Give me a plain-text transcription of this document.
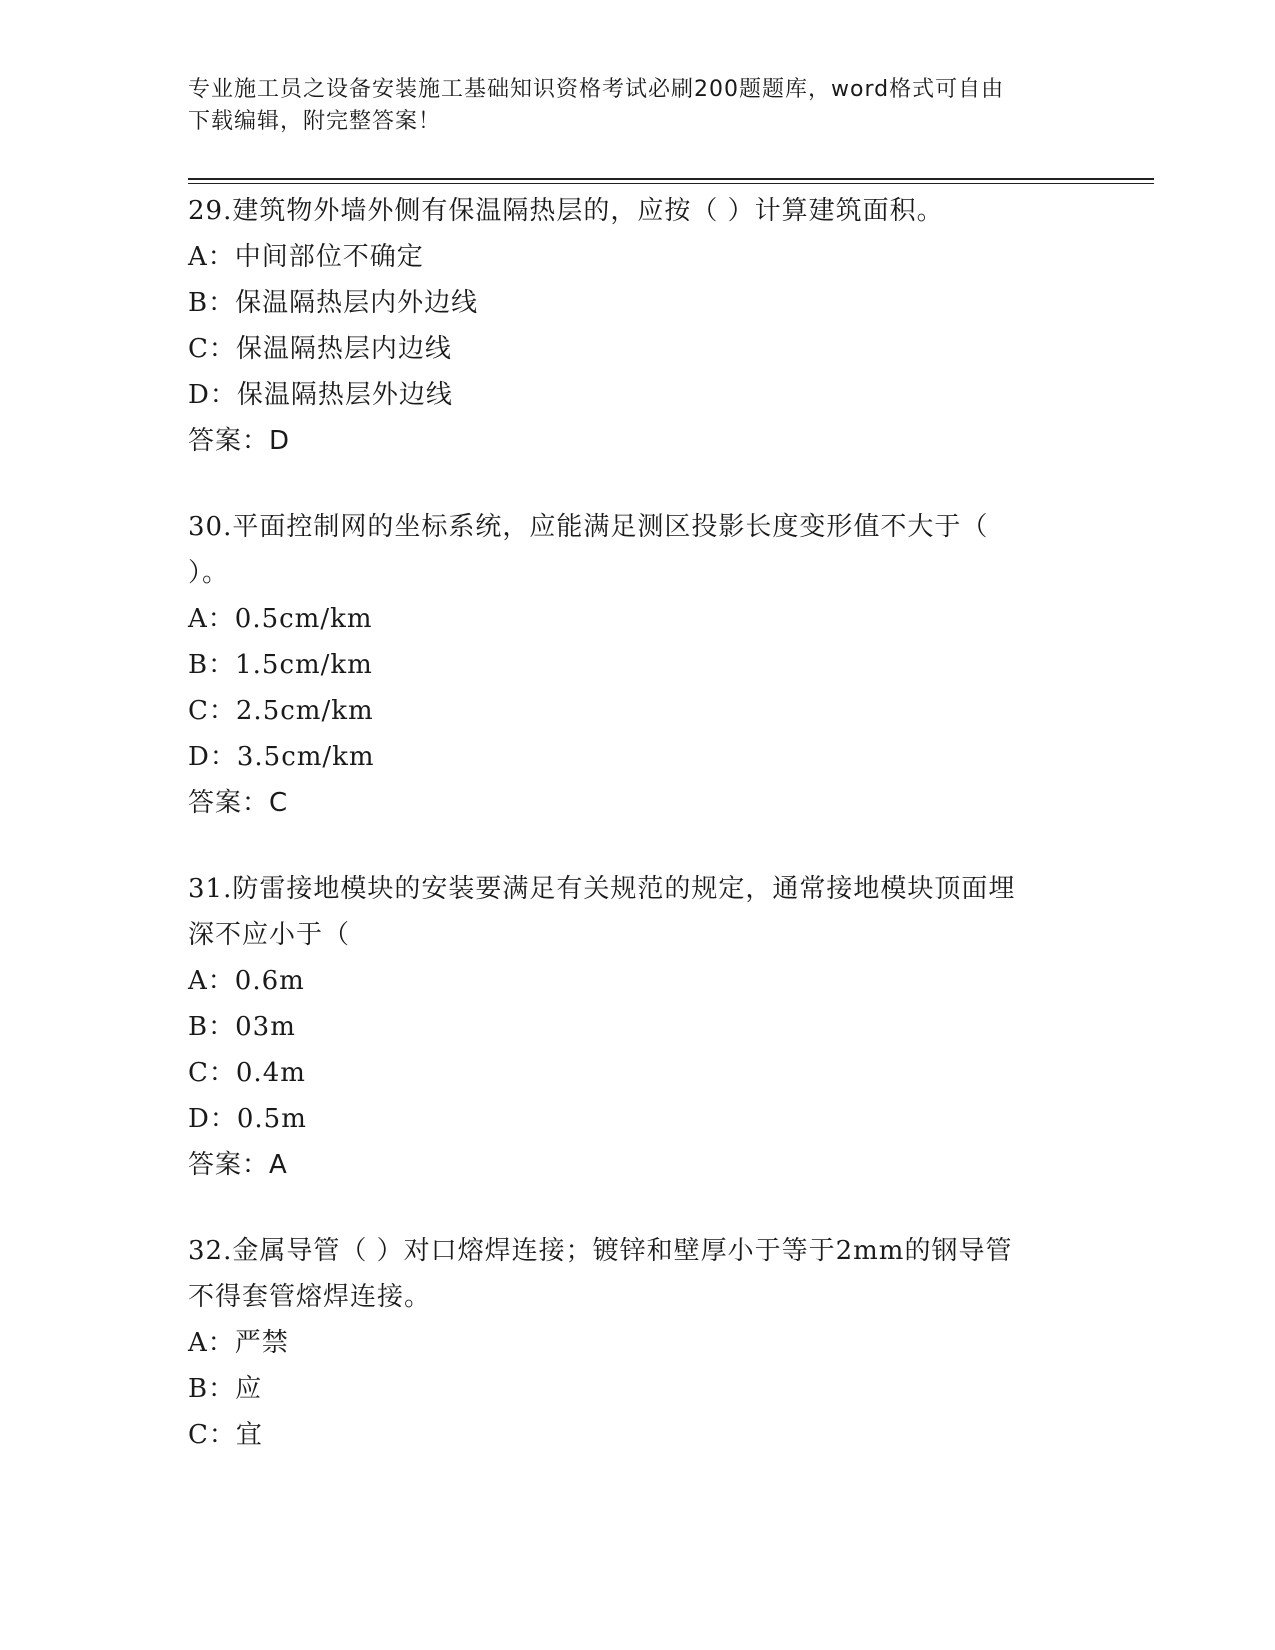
专业施工员之设备安装施工基础知识资格考试必刷200题题库，word格式可自由
下载编辑，附完整答案！
29.建筑物外墙外侧有保温隔热层的，应按（ ）计算建筑面积。
A：中间部位不确定
B：保温隔热层内外边线
C：保温隔热层内边线
D：保温隔热层外边线
答案：D
30.平面控制网的坐标系统，应能满足测区投影长度变形值不大于（
）。
A：0.5cm/km
B：1.5cm/km
C：2.5cm/km
D：3.5cm/km
答案：C
31.防雷接地模块的安装要满足有关规范的规定，通常接地模块顶面埋
深不应小于（
A：0.6m
B：03m
C：0.4m
D：0.5m
答案：A
32.金属导管（ ）对口熔焊连接；镀锌和壁厚小于等于2mm的钢导管
不得套管熔焊连接。
A：严禁
B：应
C：宜
